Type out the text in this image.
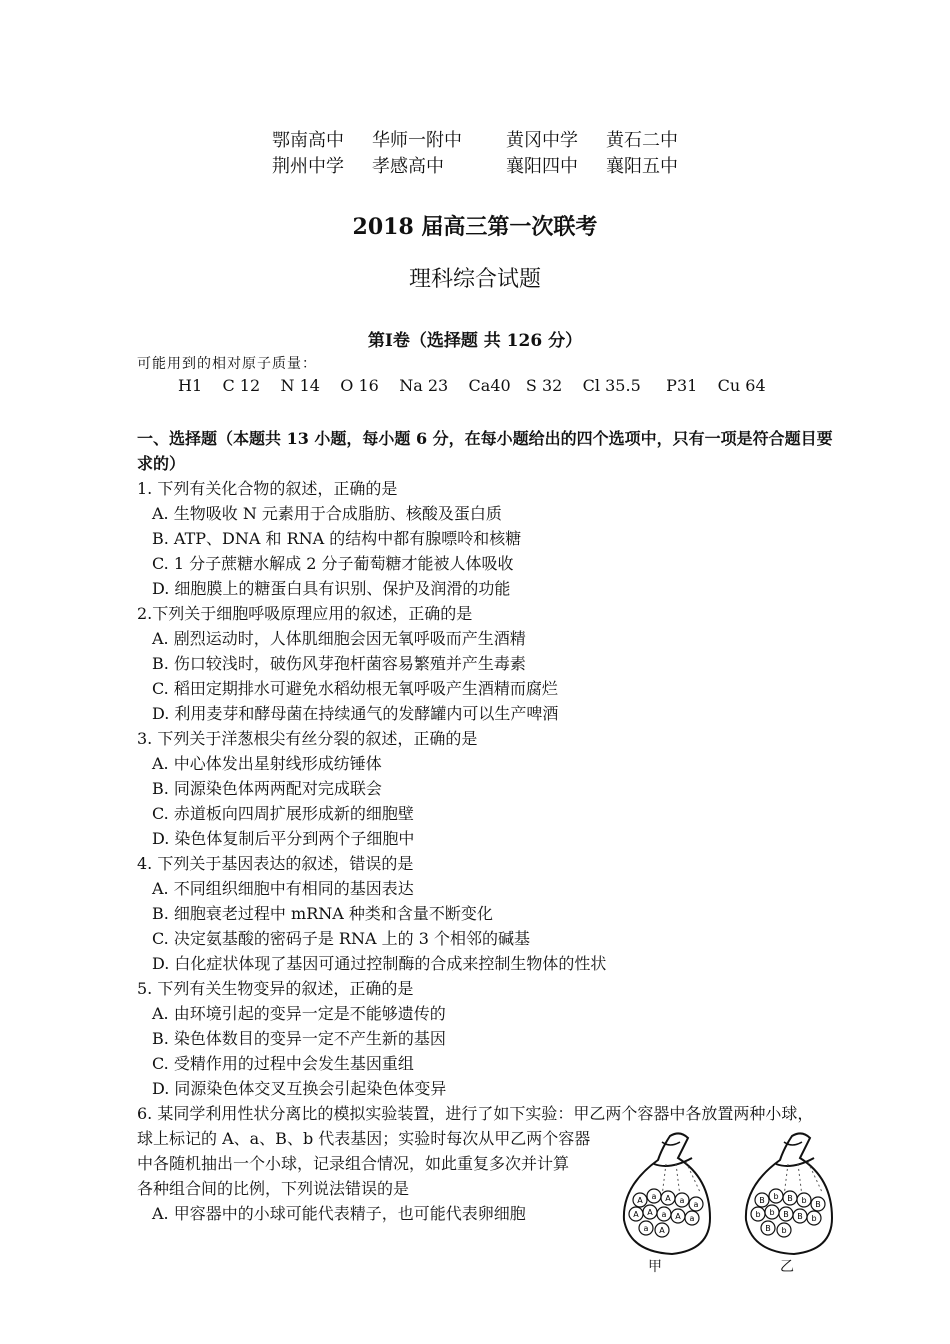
鄂南高中 华师一附中 黄冈中学 黄石二中
荆州中学 孝感高中	襄阳四中 襄阳五中
2018 届高三第一次联考
理科综合试题
第Ⅰ卷（选择题 共 126 分）
可能用到的相对原子质量：
H1    C 12    N 14    O 16    Na 23    Ca40   S 32    Cl 35.5     P31    Cu 64
一、选择题（本题共 13 小题，每小题 6 分，在每小题给出的四个选项中，只有一项是符合题目要
求的）
1. 下列有关化合物的叙述，正确的是
A. 生物吸收 N 元素用于合成脂肪、核酸及蛋白质
B. ATP、DNA 和 RNA 的结构中都有腺嘌呤和核糖
C. 1 分子蔗糖水解成 2 分子葡萄糖才能被人体吸收
D. 细胞膜上的糖蛋白具有识别、保护及润滑的功能
2.下列关于细胞呼吸原理应用的叙述，正确的是
A. 剧烈运动时，人体肌细胞会因无氧呼吸而产生酒精
B. 伤口较浅时，破伤风芽孢杆菌容易繁殖并产生毒素
C. 稻田定期排水可避免水稻幼根无氧呼吸产生酒精而腐烂
D. 利用麦芽和酵母菌在持续通气的发酵罐内可以生产啤酒
3. 下列关于洋葱根尖有丝分裂的叙述，正确的是
A. 中心体发出星射线形成纺锤体
B. 同源染色体两两配对完成联会
C. 赤道板向四周扩展形成新的细胞壁
D. 染色体复制后平分到两个子细胞中
4. 下列关于基因表达的叙述，错误的是
A. 不同组织细胞中有相同的基因表达
B. 细胞衰老过程中 mRNA 种类和含量不断变化
C. 决定氨基酸的密码子是 RNA 上的 3 个相邻的碱基
D. 白化症状体现了基因可通过控制酶的合成来控制生物体的性状
5. 下列有关生物变异的叙述，正确的是
A. 由环境引起的变异一定是不能够遗传的
B. 染色体数目的变异一定不产生新的基因
C. 受精作用的过程中会发生基因重组
D. 同源染色体交叉互换会引起染色体变异
6. 某同学利用性状分离比的模拟实验装置，进行了如下实验：甲乙两个容器中各放置两种小球，
球上标记的 A、a、B、b 代表基因；实验时每次从甲乙两个容器
中各随机抽出一个小球，记录组合情况，如此重复多次并计算
各种组合间的比例，下列说法错误的是
A. 甲容器中的小球可能代表精子，也可能代表卵细胞
A a A a a
A A a A a
a A
B b B b B
b b B B b
B b
甲	乙
